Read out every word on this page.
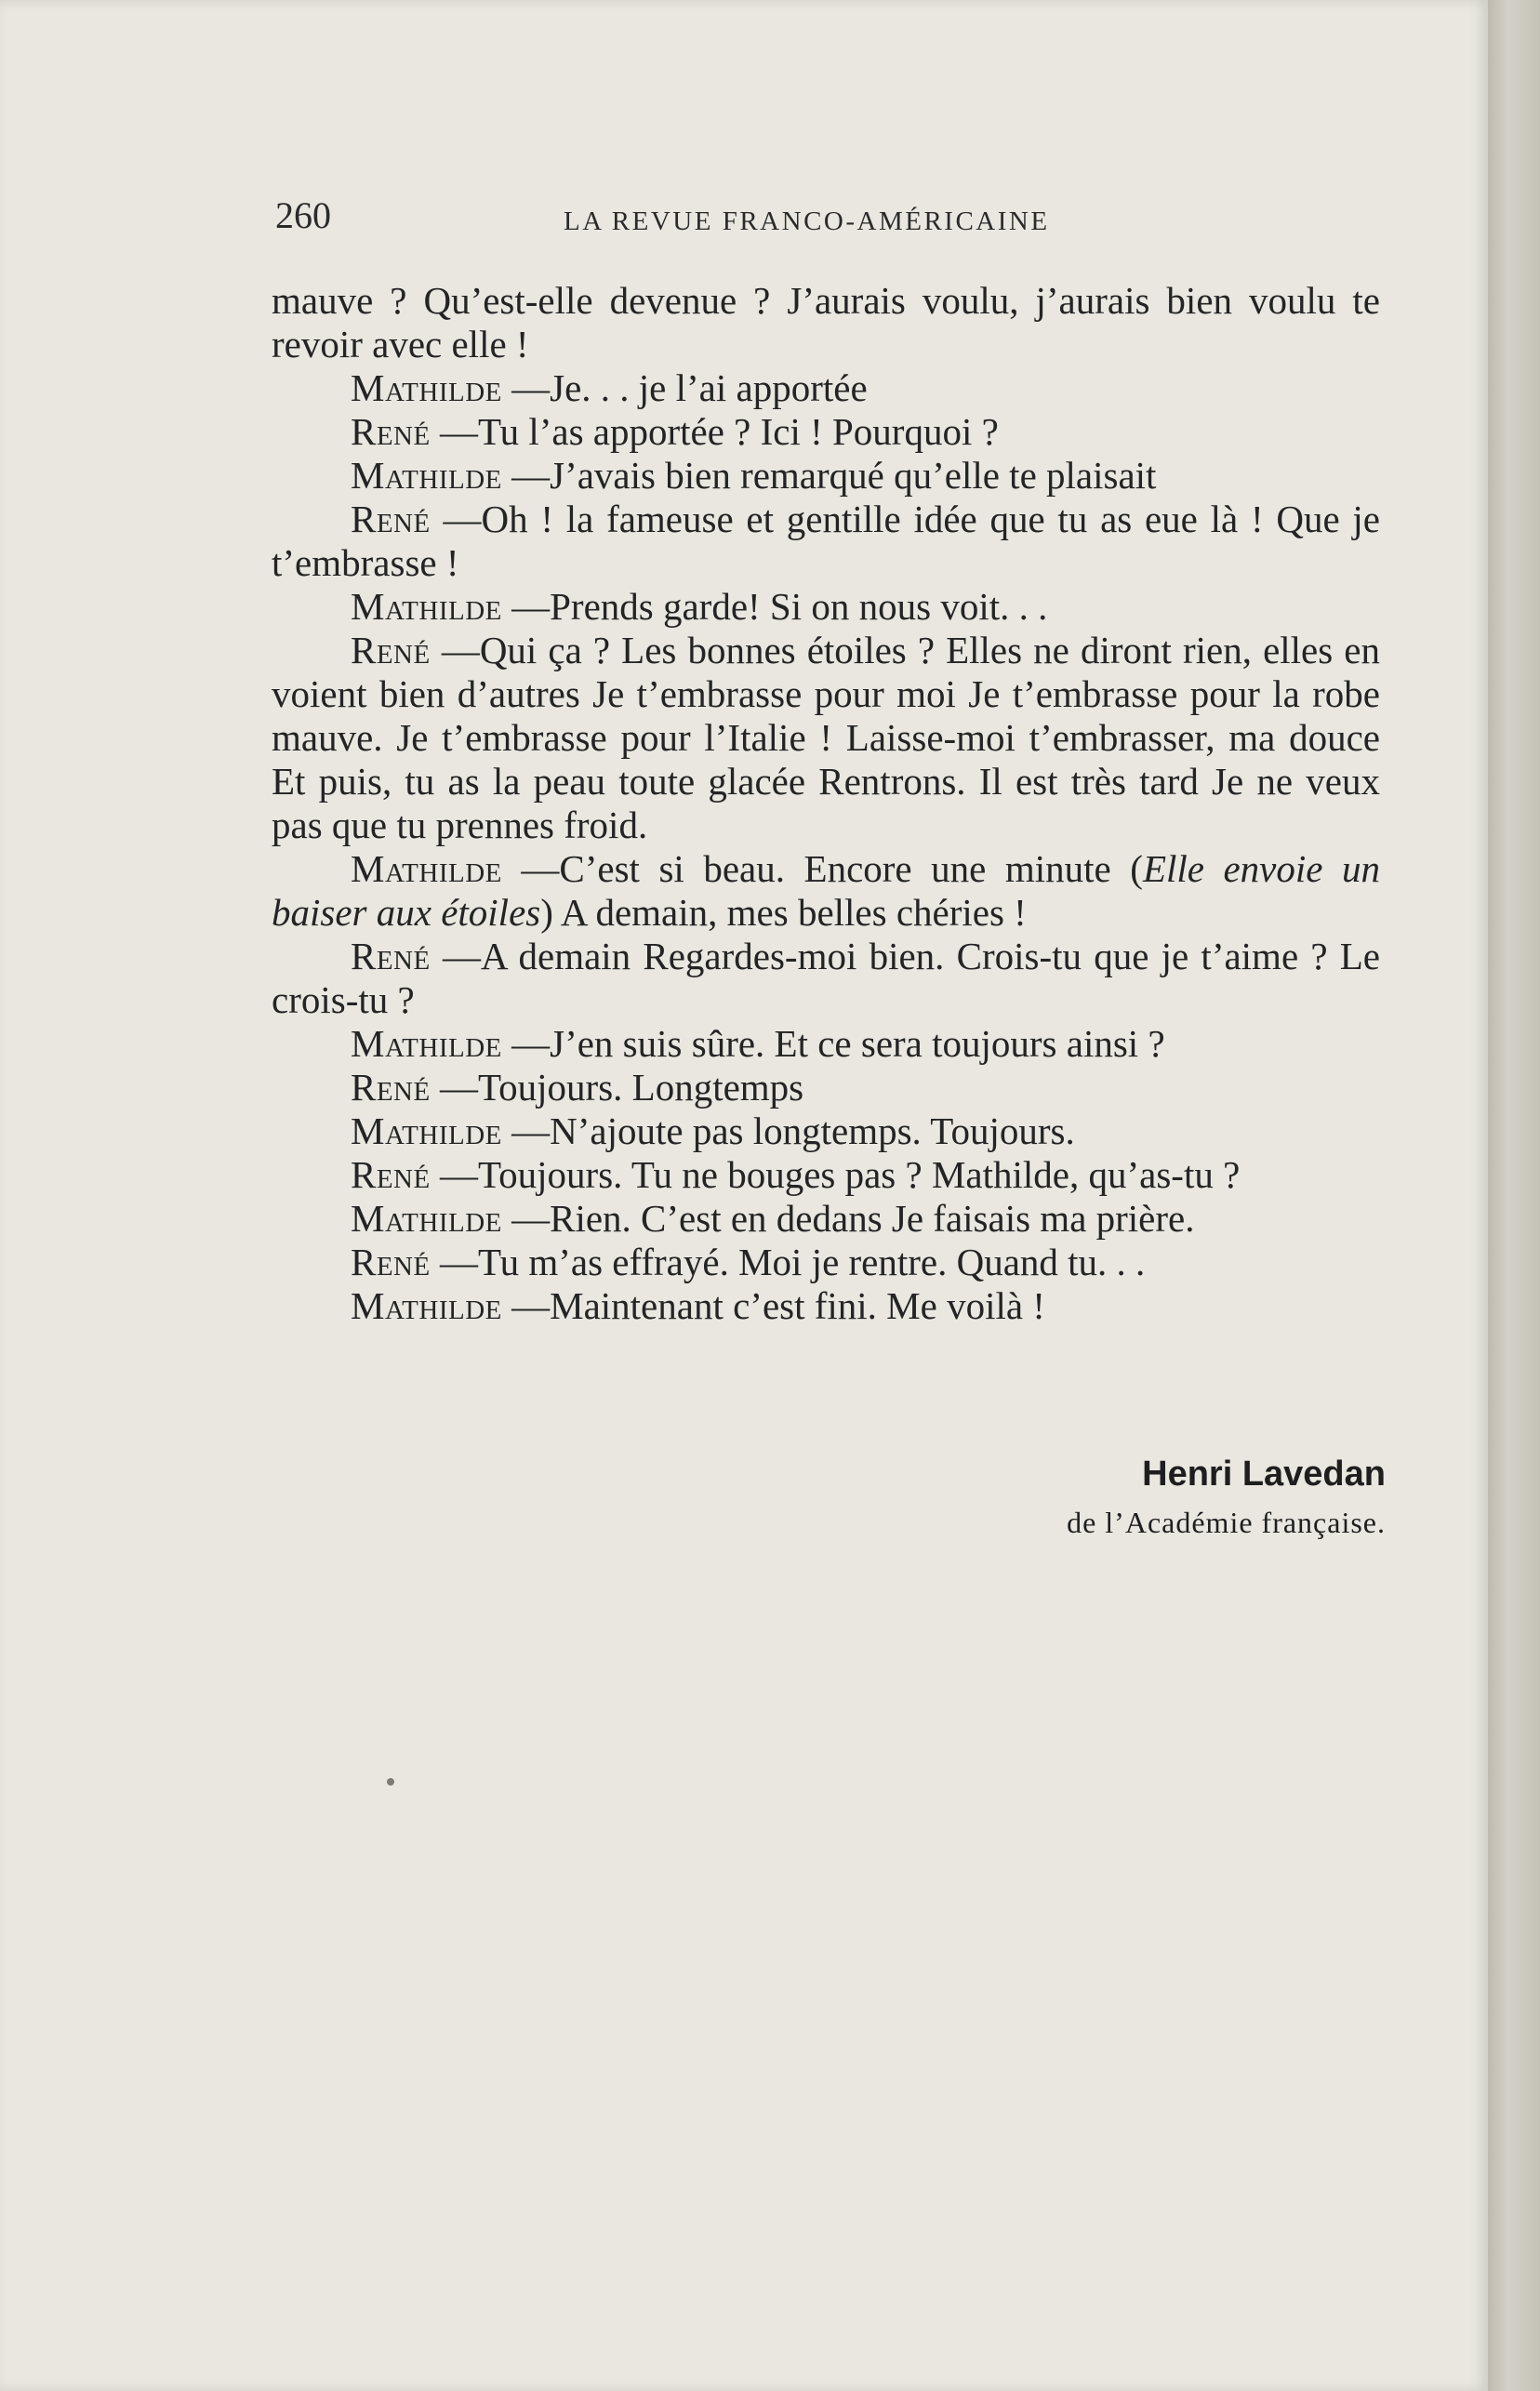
260	LA REVUE FRANCO-AMÉRICAINE

mauve ? Qu’est-elle devenue ? J’aurais voulu, j’aurais bien voulu te revoir avec elle !

Mathilde —Je. . . je l’ai apportée

René —Tu l’as apportée ? Ici ! Pourquoi ?

Mathilde —J’avais bien remarqué qu’elle te plaisait

René —Oh ! la fameuse et gentille idée que tu as eue là ! Que je t’embrasse !

Mathilde —Prends garde! Si on nous voit. . .

René —Qui ça ? Les bonnes étoiles ? Elles ne diront rien, elles en voient bien d’autres Je t’embrasse pour moi Je t’embrasse pour la robe mauve. Je t’embrasse pour l’Italie ! Laisse-moi t’embrasser, ma douce Et puis, tu as la peau toute glacée Rentrons. Il est très tard Je ne veux pas que tu prennes froid.

Mathilde —C’est si beau. Encore une minute (Elle envoie un baiser aux étoiles) A demain, mes belles chéries !

René —A demain Regardes-moi bien. Crois-tu que je t’aime ? Le crois-tu ?

Mathilde —J’en suis sûre. Et ce sera toujours ainsi ?

René —Toujours. Longtemps

Mathilde —N’ajoute pas longtemps. Toujours.

René —Toujours. Tu ne bouges pas ? Mathilde, qu’as-tu ?

Mathilde —Rien. C’est en dedans Je faisais ma prière.

René —Tu m’as effrayé. Moi je rentre. Quand tu. . .

Mathilde —Maintenant c’est fini. Me voilà !

Henri Lavedan
de l’Académie française.
